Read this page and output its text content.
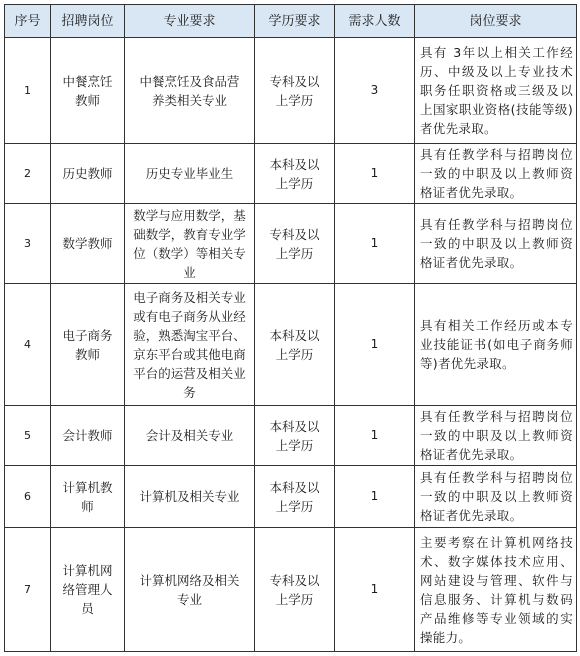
序号	招聘岗位	专业要求	学历要求	需求人数	岗位要求
1	中餐烹饪教师	中餐烹饪及食品营养类相关专业	专科及以上学历	3	具有 3年以上相关工作经历、中级及以上专业技术职务任职资格或三级及以上国家职业资格(技能等级)者优先录取。
2	历史教师	历史专业毕业生	本科及以上学历	1	具有任教学科与招聘岗位一致的中职及以上教师资格证者优先录取。
3	数学教师	数学与应用数学，基础数学，教育专业学位（数学）等相关专业	专科及以上学历	1	具有任教学科与招聘岗位一致的中职及以上教师资格证者优先录取。
4	电子商务教师	电子商务及相关专业或有电子商务从业经验，熟悉淘宝平台、京东平台或其他电商平台的运营及相关业务	本科及以上学历	1	具有相关工作经历或本专业技能证书(如电子商务师等)者优先录取。
5	会计教师	会计及相关专业	本科及以上学历	1	具有任教学科与招聘岗位一致的中职及以上教师资格证者优先录取。
6	计算机教师	计算机及相关专业	本科及以上学历	1	具有任教学科与招聘岗位一致的中职及以上教师资格证者优先录取。
7	计算机网络管理人员	计算机网络及相关专业	专科及以上学历	1	主要考察在计算机网络技术、数字媒体技术应用、网站建设与管理、软件与信息服务、计算机与数码产品维修等专业领域的实操能力。
